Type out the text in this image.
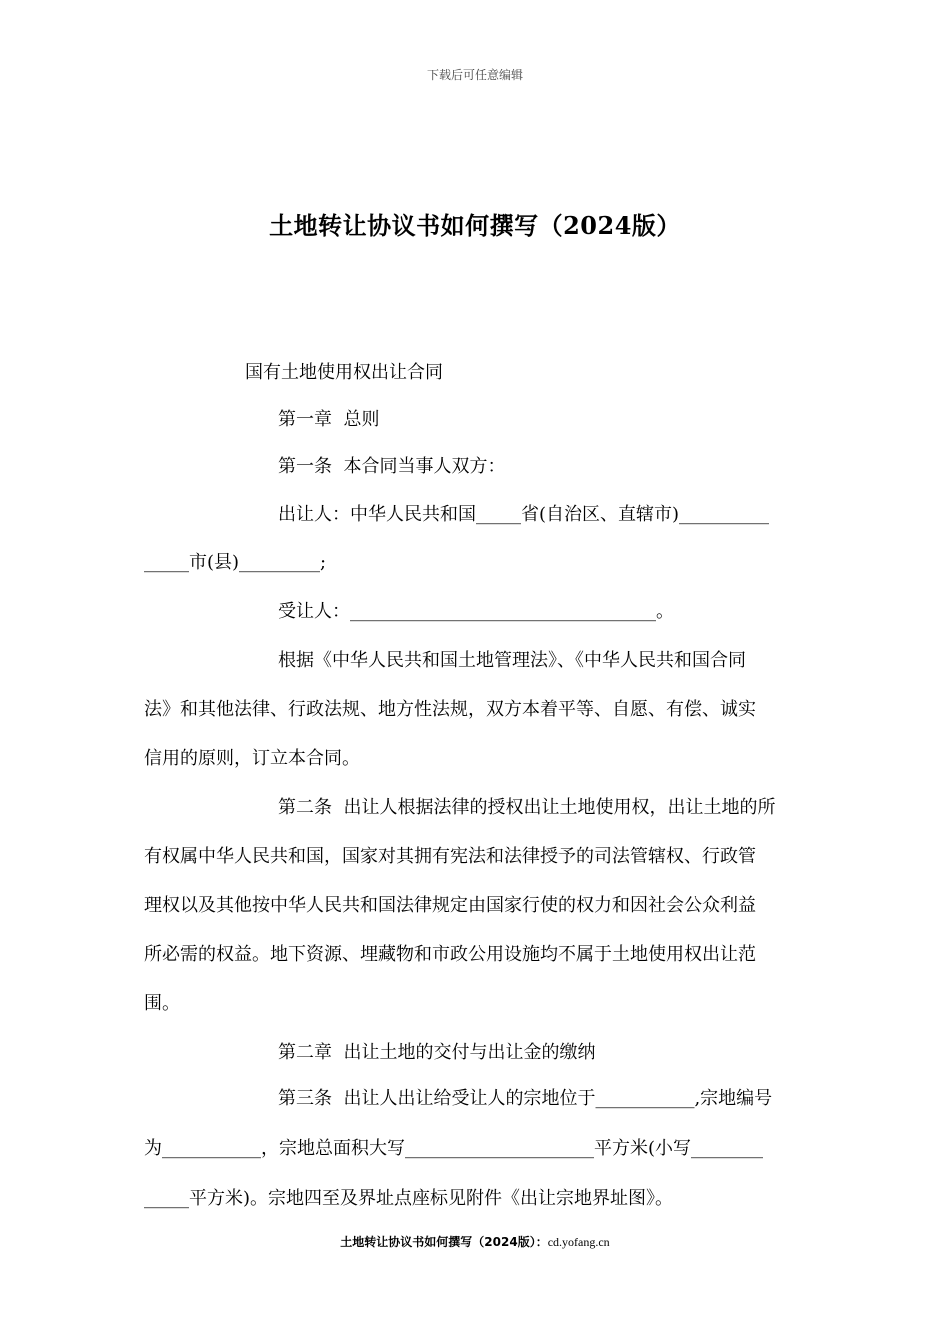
下载后可任意编辑
土地转让协议书如何撰写（2024版）
国有土地使用权出让合同
第一章  总则
第一条  本合同当事人双方：
出让人：中华人民共和国_____省(自治区、直辖市)__________
_____市(县)_________;
受让人：__________________________________。
根据《中华人民共和国土地管理法》、《中华人民共和国合同
法》和其他法律、行政法规、地方性法规，双方本着平等、自愿、有偿、诚实
信用的原则，订立本合同。
第二条  出让人根据法律的授权出让土地使用权，出让土地的所
有权属中华人民共和国，国家对其拥有宪法和法律授予的司法管辖权、行政管
理权以及其他按中华人民共和国法律规定由国家行使的权力和因社会公众利益
所必需的权益。地下资源、埋藏物和市政公用设施均不属于土地使用权出让范
围。
第二章  出让土地的交付与出让金的缴纳
第三条  出让人出让给受让人的宗地位于___________,宗地编号
为___________，宗地总面积大写_____________________平方米(小写________
_____平方米)。宗地四至及界址点座标见附件《出让宗地界址图》。
土地转让协议书如何撰写（2024版）：cd.yofang.cn
